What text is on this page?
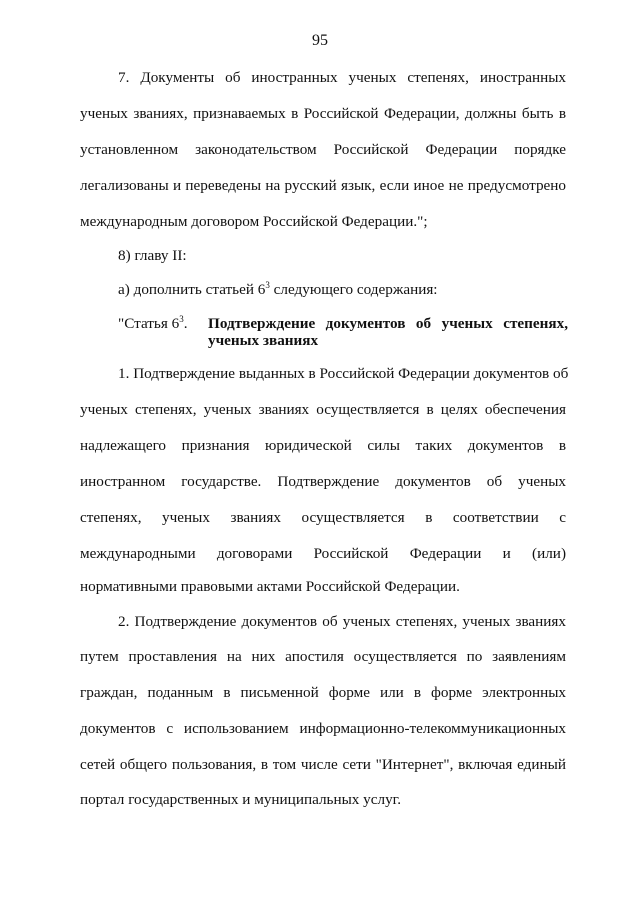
95
7. Документы об иностранных ученых степенях, иностранных
ученых званиях, признаваемых в Российской Федерации, должны быть в
установленном законодательством Российской Федерации порядке
легализованы и переведены на русский язык, если иное не предусмотрено
международным договором Российской Федерации.";
8) главу II:
а) дополнить статьей $6^3$ следующего содержания:
"Статья $6^3$. Подтверждение документов об ученых степенях,
ученых званиях
1. Подтверждение выданных в Российской Федерации документов об
ученых степенях, ученых званиях осуществляется в целях обеспечения
надлежащего признания юридической силы таких документов в
иностранном государстве. Подтверждение документов об ученых
степенях, ученых званиях осуществляется в соответствии с
международными договорами Российской Федерации и (или)
нормативными правовыми актами Российской Федерации.
2. Подтверждение документов об ученых степенях, ученых званиях
путем проставления на них апостиля осуществляется по заявлениям
граждан, поданным в письменной форме или в форме электронных
документов с использованием информационно-телекоммуникационных
сетей общего пользования, в том числе сети "Интернет", включая единый
портал государственных и муниципальных услуг.
